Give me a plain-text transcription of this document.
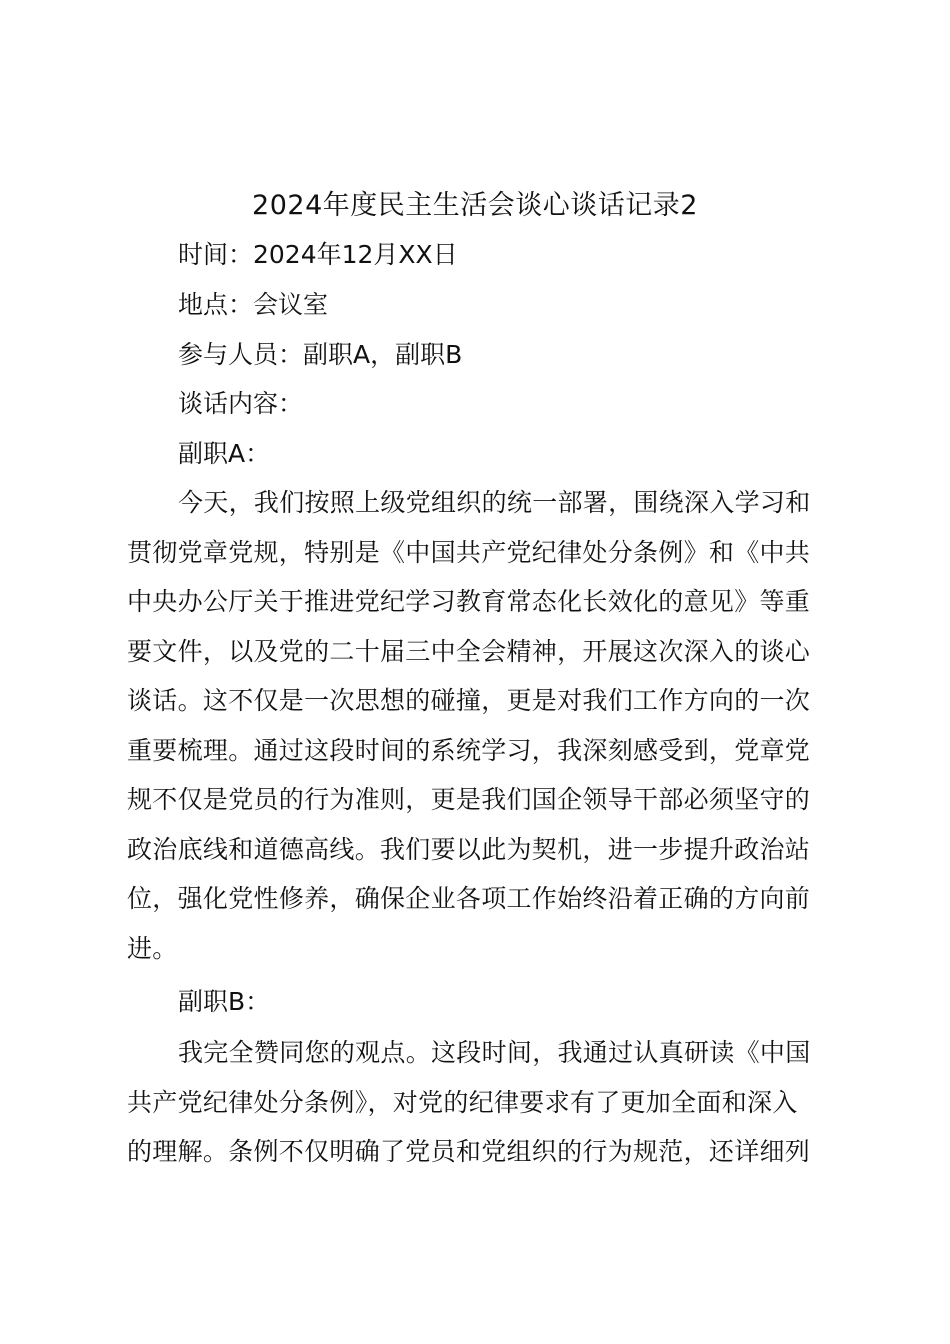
2024年度民主生活会谈心谈话记录2
时间：2024年12月XX日
地点：会议室
参与人员：副职A，副职B
谈话内容：
副职A：
今天，我们按照上级党组织的统一部署，围绕深入学习和
贯彻党章党规，特别是《中国共产党纪律处分条例》和《中共
中央办公厅关于推进党纪学习教育常态化长效化的意见》等重
要文件，以及党的二十届三中全会精神，开展这次深入的谈心
谈话。这不仅是一次思想的碰撞，更是对我们工作方向的一次
重要梳理。通过这段时间的系统学习，我深刻感受到，党章党
规不仅是党员的行为准则，更是我们国企领导干部必须坚守的
政治底线和道德高线。我们要以此为契机，进一步提升政治站
位，强化党性修养，确保企业各项工作始终沿着正确的方向前
进。
副职B：
我完全赞同您的观点。这段时间，我通过认真研读《中国
共产党纪律处分条例》，对党的纪律要求有了更加全面和深入
的理解。条例不仅明确了党员和党组织的行为规范，还详细列
